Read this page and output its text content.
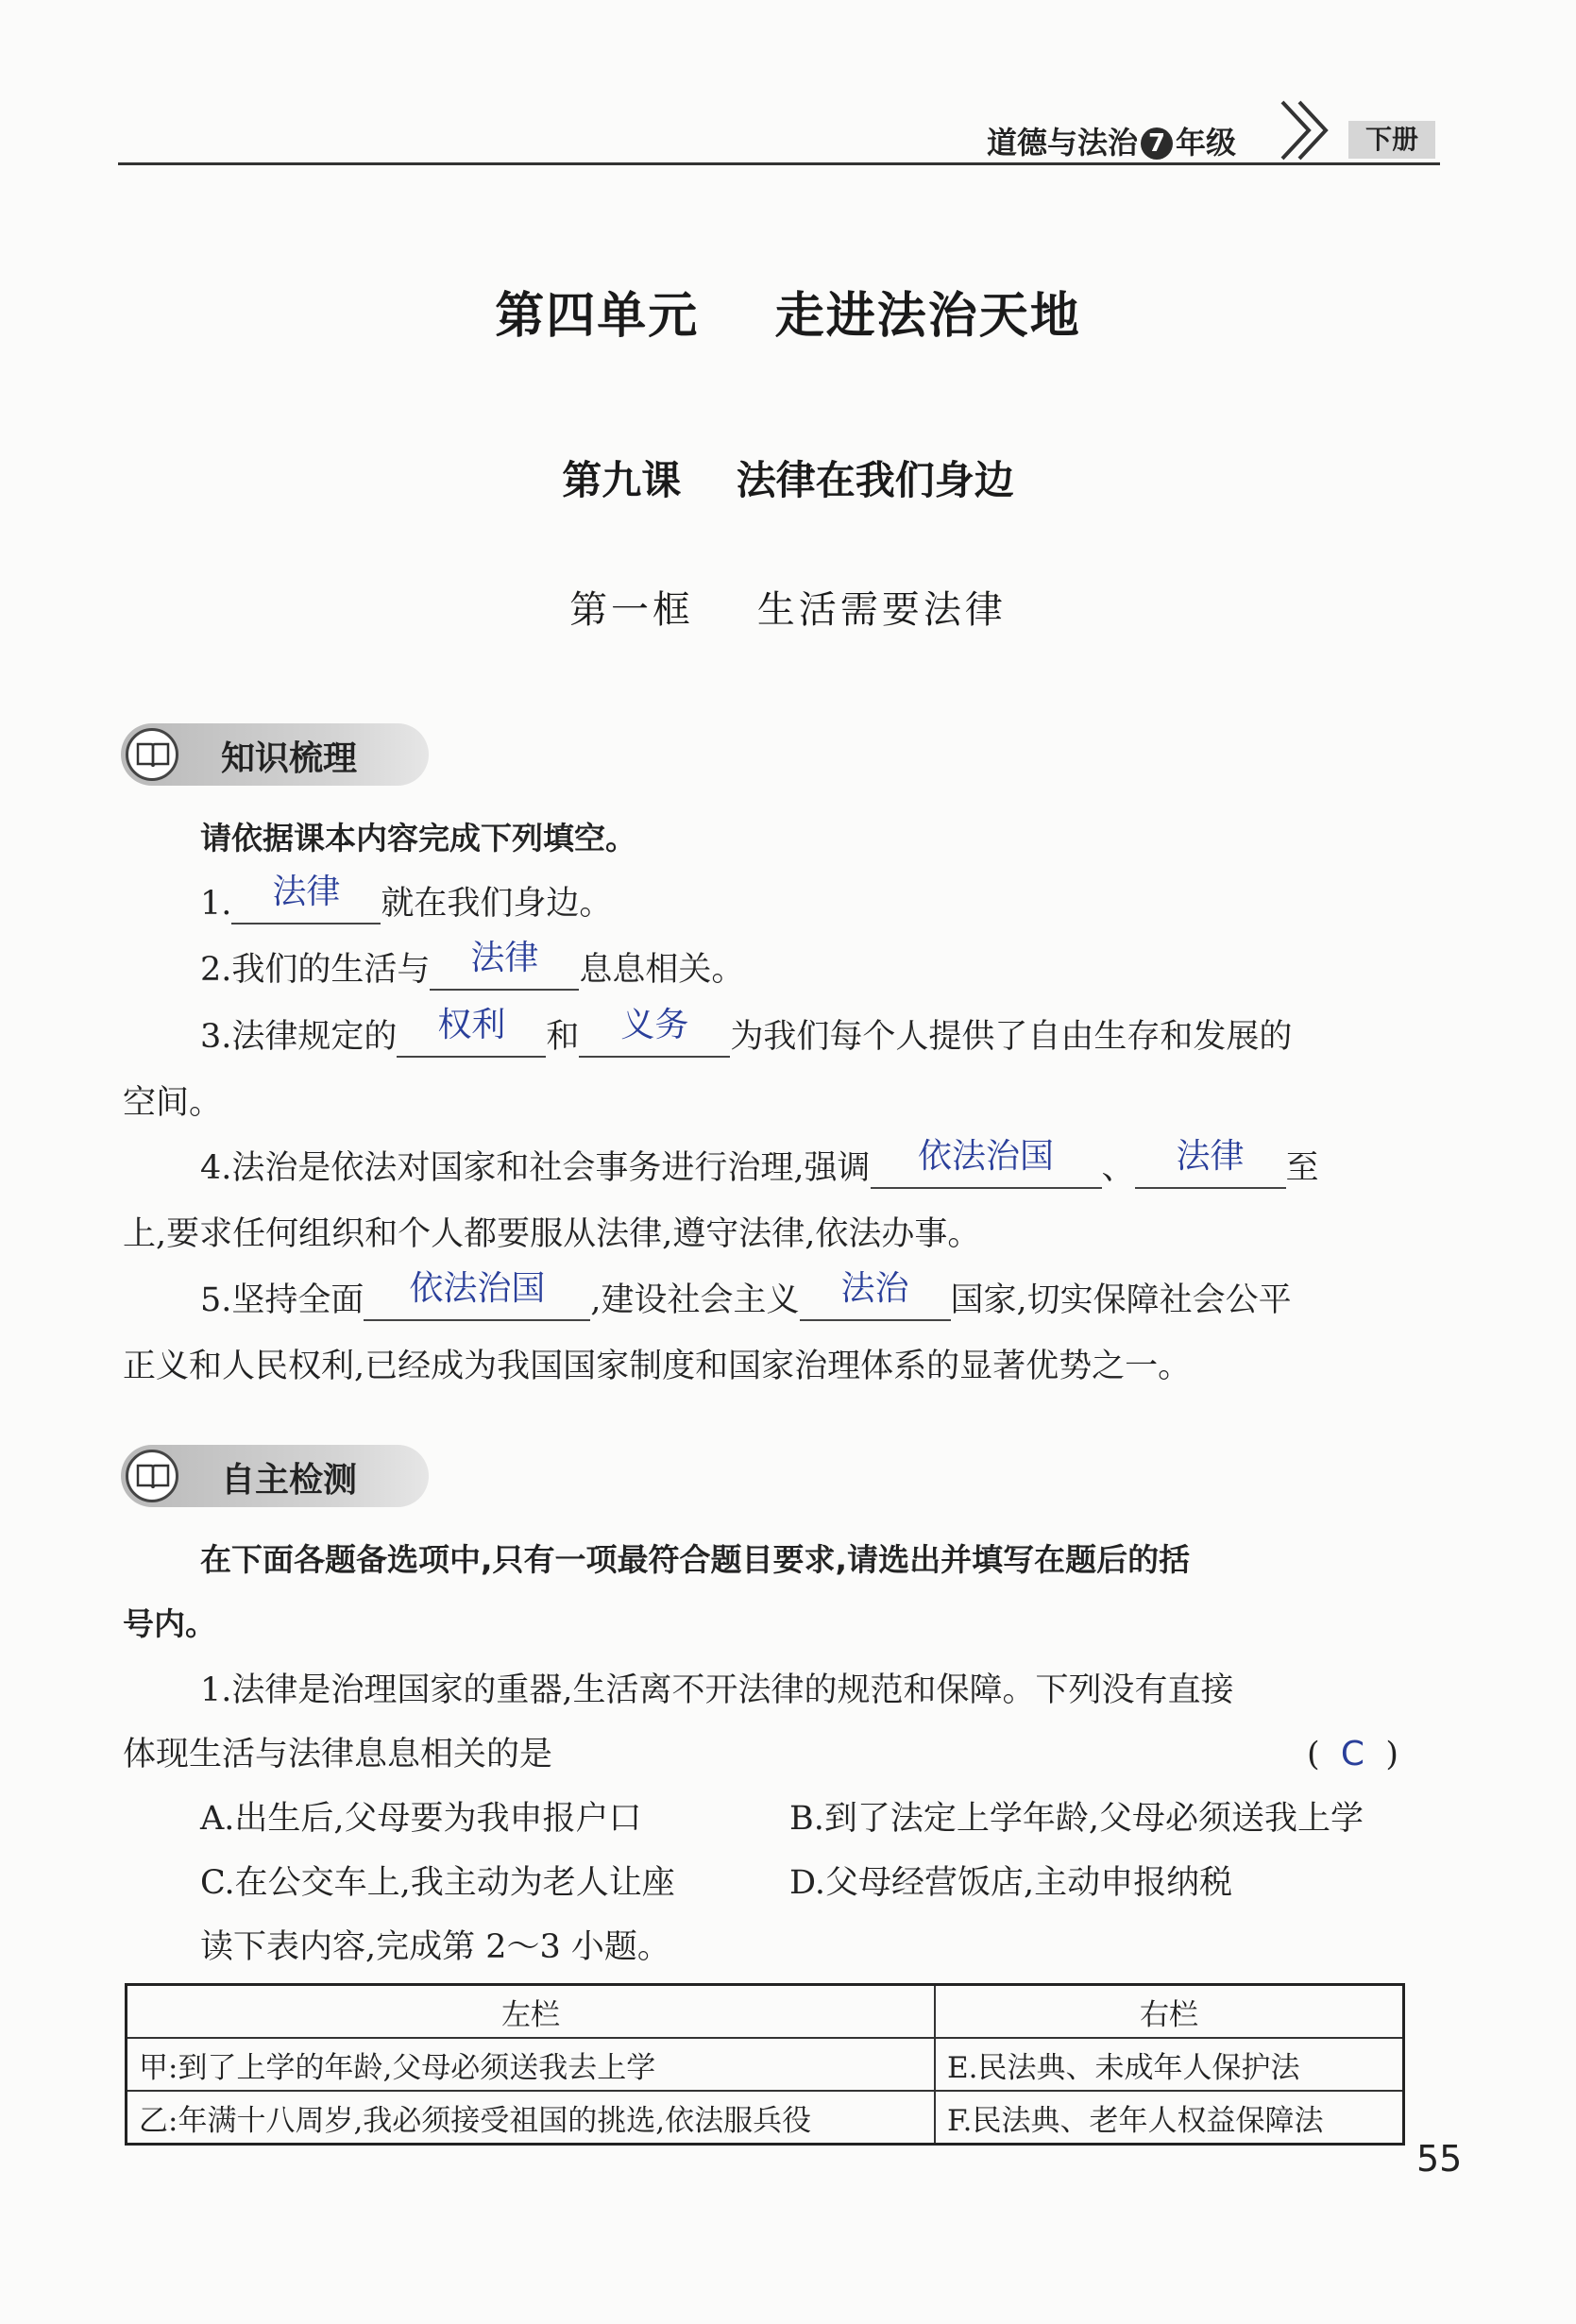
道德与法治 7 年级	下册
第四单元    走进法治天地
第九课    法律在我们身边
第一框    生活需要法律
知识梳理
请依据课本内容完成下列填空。
1.	法律	就在我们身边。
2.我们的生活与	法律	息息相关。
3.法律规定的	权利	和	义务	为我们每个人提供了自由生存和发展的
空间。
4.法治是依法对国家和社会事务进行治理,强调	依法治国	、	法律	至
上,要求任何组织和个人都要服从法律,遵守法律,依法办事。
5.坚持全面	依法治国	,建设社会主义	法治	国家,切实保障社会公平
正义和人民权利,已经成为我国国家制度和国家治理体系的显著优势之一。
自主检测
在下面各题备选项中,只有一项最符合题目要求,请选出并填写在题后的括
号内。
1.法律是治理国家的重器,生活离不开法律的规范和保障。下列没有直接
体现生活与法律息息相关的是	( C )
A.出生后,父母要为我申报户口	B.到了法定上学年龄,父母必须送我上学
C.在公交车上,我主动为老人让座	D.父母经营饭店,主动申报纳税
读下表内容,完成第 2～3 小题。
左栏	右栏
甲:到了上学的年龄,父母必须送我去上学	E.民法典、未成年人保护法
乙:年满十八周岁,我必须接受祖国的挑选,依法服兵役	F.民法典、老年人权益保障法
55
